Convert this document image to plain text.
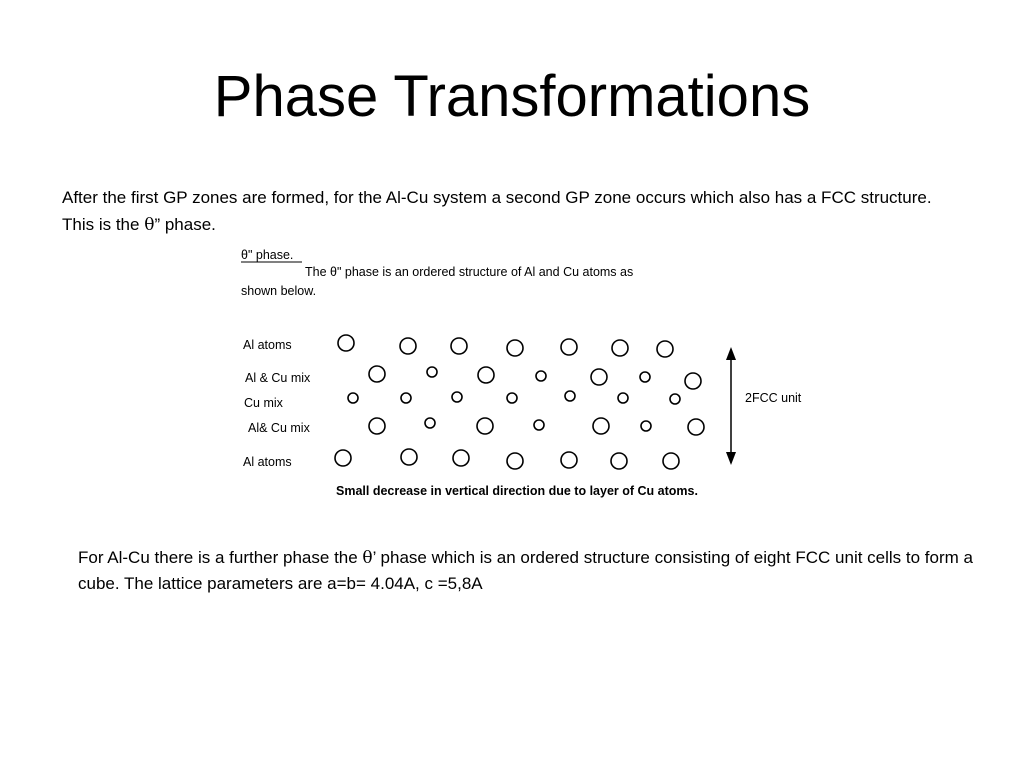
Phase Transformations
After the first GP zones are formed, for the Al-Cu system a second GP zone occurs which also has a FCC structure. This is the θ” phase.
θ" phase.
The θ" phase is an ordered structure of Al and Cu atoms as
shown below.
Al atoms
Al & Cu mix
Cu mix
Al& Cu mix
Al atoms
2FCC unit
Small decrease in vertical direction due to layer of Cu atoms.
For Al-Cu there is a further phase the θ’ phase which is an ordered structure consisting of eight FCC unit cells to form a cube. The lattice parameters are a=b= 4.04A, c =5,8A
